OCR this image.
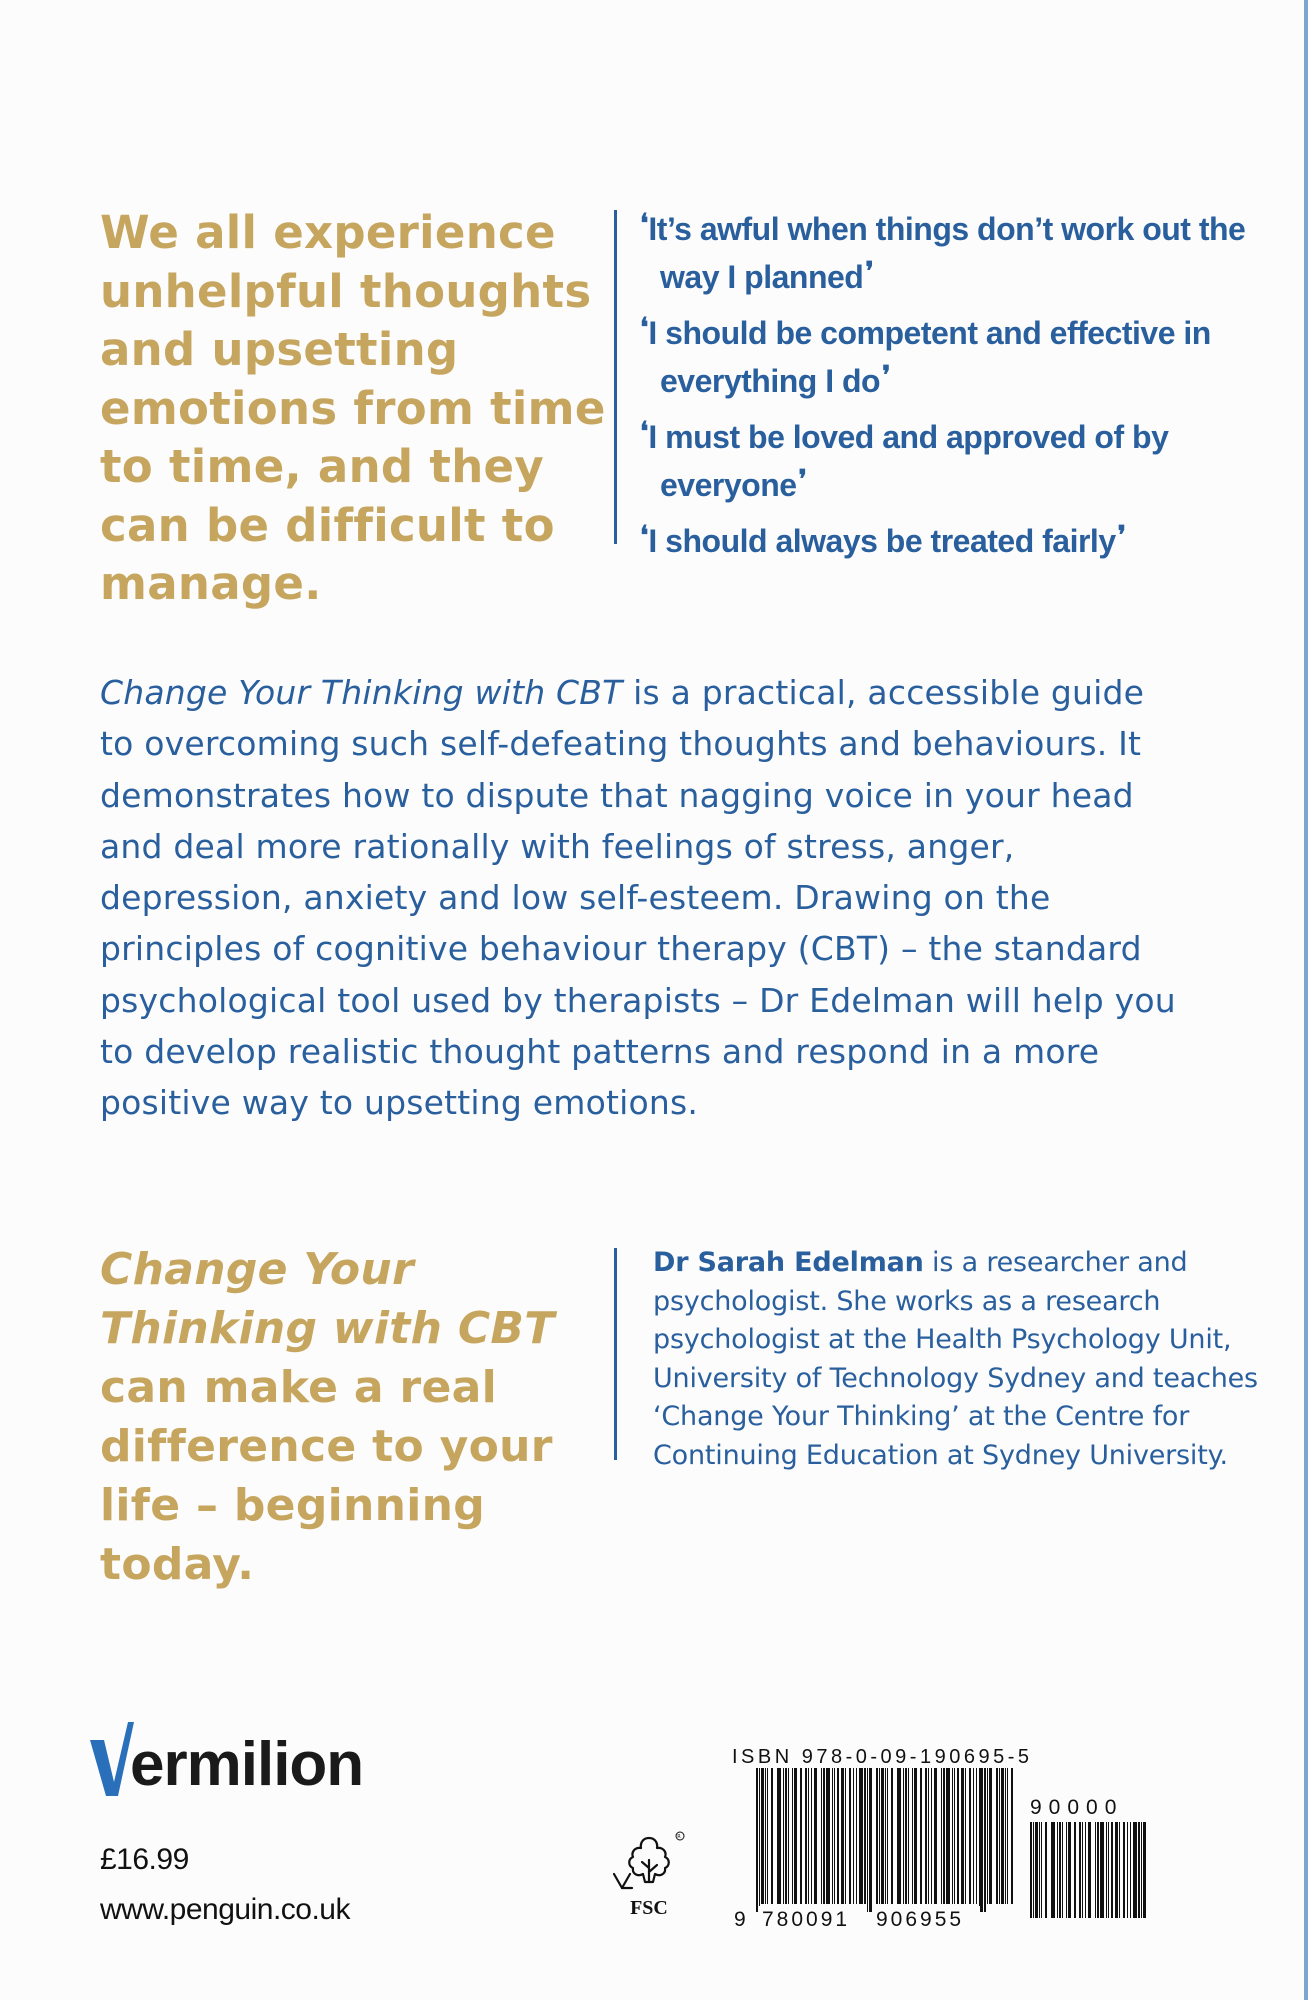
We all experience unhelpful thoughts and upsetting emotions from time to time, and they can be difficult to manage.
❛It’s awful when things don’t work out the way I planned❜
❛I should be competent and effective in everything I do❜
❛I must be loved and approved of by everyone❜
❛I should always be treated fairly❜
Change Your Thinking with CBT is a practical, accessible guide to overcoming such self-defeating thoughts and behaviours. It demonstrates how to dispute that nagging voice in your head and deal more rationally with feelings of stress, anger, depression, anxiety and low self-esteem. Drawing on the principles of cognitive behaviour therapy (CBT) – the standard psychological tool used by therapists – Dr Edelman will help you to develop realistic thought patterns and respond in a more positive way to upsetting emotions.
Change Your Thinking with CBT can make a real difference to your life – beginning today.
Dr Sarah Edelman is a researcher and psychologist. She works as a research psychologist at the Health Psychology Unit, University of Technology Sydney and teaches ‘Change Your Thinking’ at the Centre for Continuing Education at Sydney University.
ermilion
£16.99
www.penguin.co.uk
R
FSC
ISBN 978-0-09-190695-5
9 780091 906955
90000
